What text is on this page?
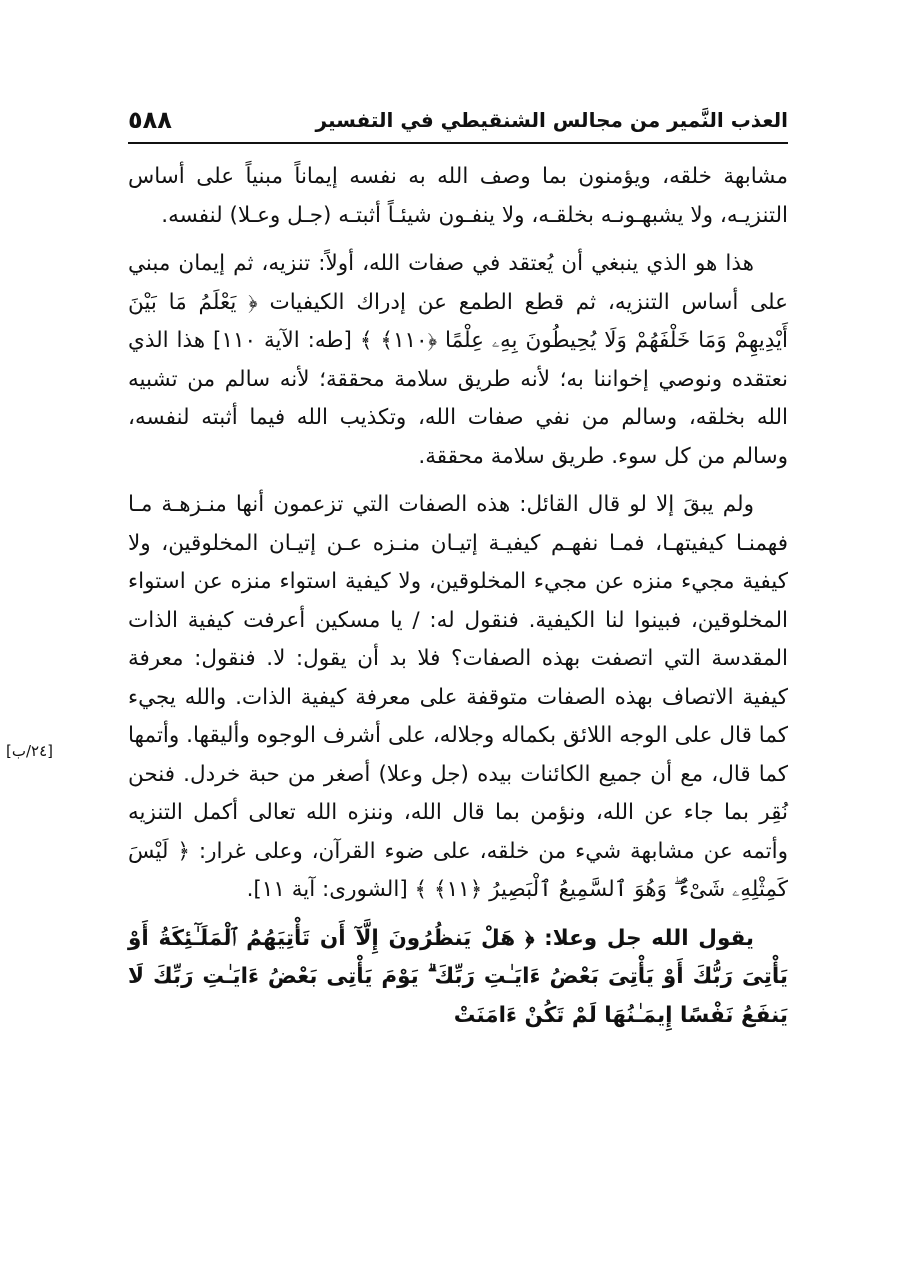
العذب النَّمير من مجالس الشنقيطي في التفسير
٥٨٨

مشابهة خلقه، ويؤمنون بما وصف الله به نفسه إيماناً مبنياً على أساس التنزيـه، ولا يشبهـونـه بخلقـه، ولا ينفـون شيئـاً أثبتـه (جـل وعـلا) لنفسه.

هذا هو الذي ينبغي أن يُعتقد في صفات الله، أولاً: تنزيه، ثم إيمان مبني على أساس التنزيه، ثم قطع الطمع عن إدراك الكيفيات ﴿ يَعْلَمُ مَا بَيْنَ أَيْدِيهِمْ وَمَا خَلْفَهُمْ وَلَا يُحِيطُونَ بِهِۦ عِلْمًا ﴿١١٠﴾ ﴾ [طه: الآية ١١٠] هذا الذي نعتقده ونوصي إخواننا به؛ لأنه طريق سلامة محققة؛ لأنه سالم من تشبيه الله بخلقه، وسالم من نفي صفات الله، وتكذيب الله فيما أثبته لنفسه، وسالم من كل سوء. طريق سلامة محققة.

ولم يبقَ إلا لو قال القائل: هذه الصفات التي تزعمون أنها منـزهـة مـا فهمنـا كيفيتهـا، فمـا نفهـم كيفيـة إتيـان منـزه عـن إتيـان المخلوقين، ولا كيفية مجيء منزه عن مجيء المخلوقين، ولا كيفية استواء منزه عن استواء المخلوقين، فبينوا لنا الكيفية. فنقول له: / يا مسكين أعرفت كيفية الذات المقدسة التي اتصفت بهذه الصفات؟ فلا بد أن يقول: لا. فنقول: معرفة كيفية الاتصاف بهذه الصفات متوقفة على معرفة كيفية الذات. والله يجيء كما قال على الوجه اللائق بكماله وجلاله، على أشرف الوجوه وأليقها. وأتمها كما قال، مع أن جميع الكائنات بيده (جل وعلا) أصغر من حبة خردل. فنحن نُقِر بما جاء عن الله، ونؤمن بما قال الله، وننزه الله تعالى أكمل التنزيه وأتمه عن مشابهة شيء من خلقه، على ضوء القرآن، وعلى غرار: ﴿ لَيْسَ كَمِثْلِهِۦ شَىْءٌ ۖ وَهُوَ ٱلسَّمِيعُ ٱلْبَصِيرُ ﴿١١﴾ ﴾ [الشورى: آية ١١].

يقول الله جل وعلا: ﴿ هَلْ يَنظُرُونَ إِلَّآ أَن تَأْتِيَهُمُ ٱلْمَلَـٰٓئِكَةُ أَوْ يَأْتِىَ رَبُّكَ أَوْ يَأْتِىَ بَعْضُ ءَايَـٰتِ رَبِّكَ ۗ يَوْمَ يَأْتِى بَعْضُ ءَايَـٰتِ رَبِّكَ لَا يَنفَعُ نَفْسًا إِيمَـٰنُهَا لَمْ تَكُنْ ءَامَنَتْ

[٢٤/ب]
